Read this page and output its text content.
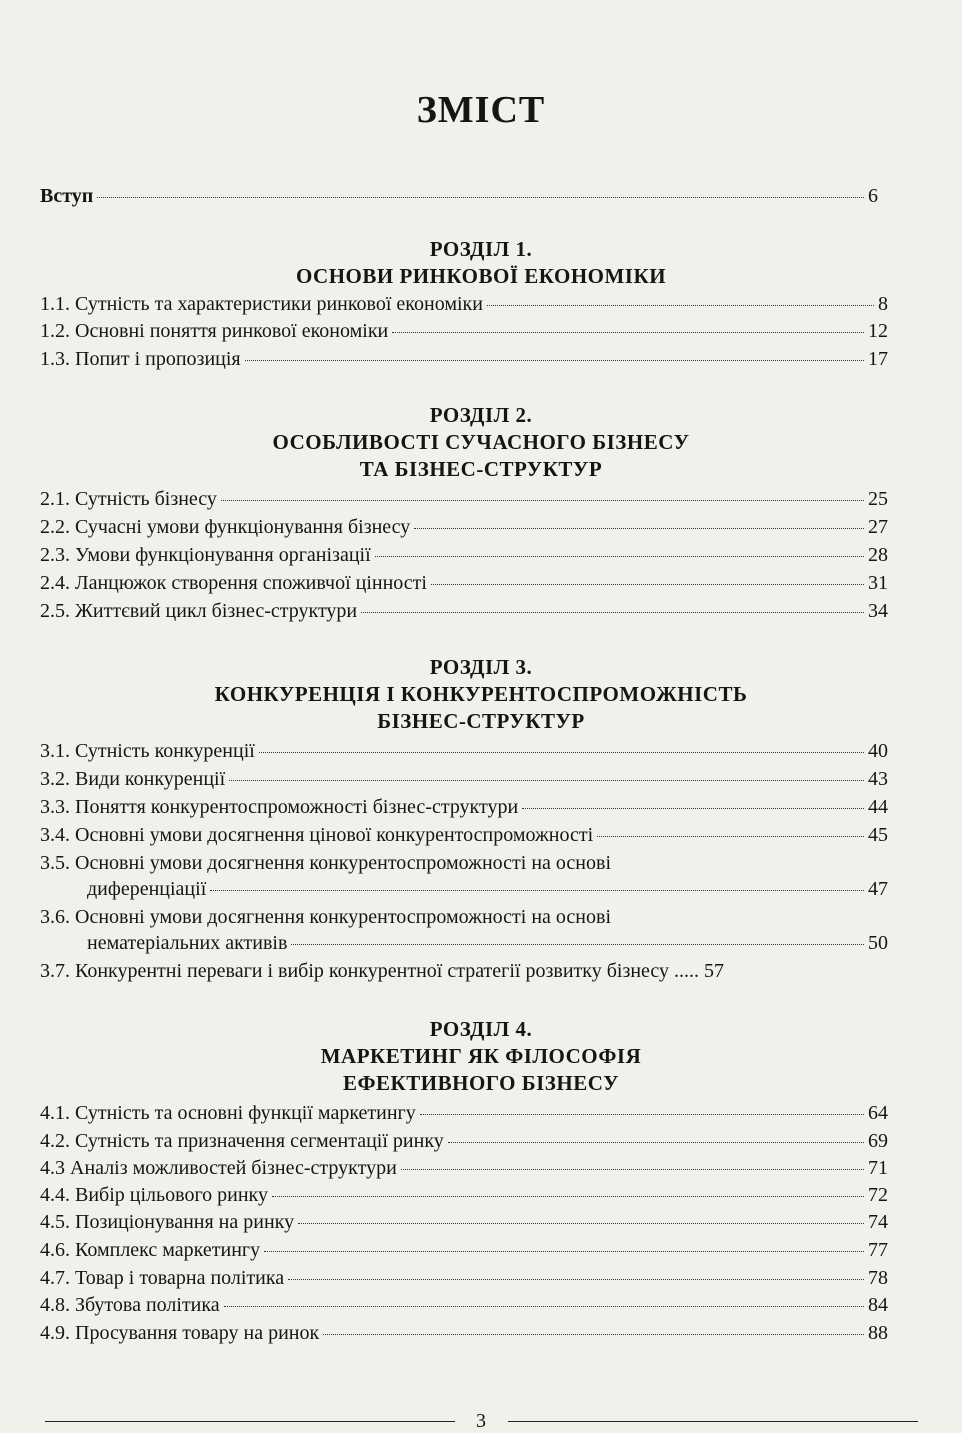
ЗМІСТ
Вступ	6
РОЗДІЛ 1.
ОСНОВИ РИНКОВОЇ ЕКОНОМІКИ
1.1. Сутність та характеристики ринкової економіки	8
1.2. Основні поняття ринкової економіки	12
1.3. Попит і пропозиція	17
РОЗДІЛ 2.
ОСОБЛИВОСТІ СУЧАСНОГО БІЗНЕСУ
ТА БІЗНЕС-СТРУКТУР
2.1. Сутність бізнесу	25
2.2. Сучасні умови функціонування бізнесу	27
2.3. Умови функціонування організації	28
2.4. Ланцюжок створення споживчої цінності	31
2.5. Життєвий цикл бізнес-структури	34
РОЗДІЛ 3.
КОНКУРЕНЦІЯ І КОНКУРЕНТОСПРОМОЖНІСТЬ
БІЗНЕС-СТРУКТУР
3.1. Сутність конкуренції	40
3.2. Види конкуренції	43
3.3. Поняття конкурентоспроможності бізнес-структури	44
3.4. Основні умови досягнення цінової конкурентоспроможності	45
3.5. Основні умови досягнення конкурентоспроможності на основі
диференціації	47
3.6. Основні умови досягнення конкурентоспроможності на основі
нематеріальних активів	50
3.7. Конкурентні переваги і вибір конкурентної стратегії розвитку бізнесу ..... 57
РОЗДІЛ 4.
МАРКЕТИНГ ЯК ФІЛОСОФІЯ
ЕФЕКТИВНОГО БІЗНЕСУ
4.1. Сутність та основні функції маркетингу	64
4.2. Сутність та призначення сегментації ринку	69
4.3 Аналіз можливостей бізнес-структури	71
4.4. Вибір цільового ринку	72
4.5. Позиціонування на ринку	74
4.6. Комплекс маркетингу	77
4.7. Товар і товарна політика	78
4.8. Збутова політика	84
4.9. Просування товару на ринок	88
3
